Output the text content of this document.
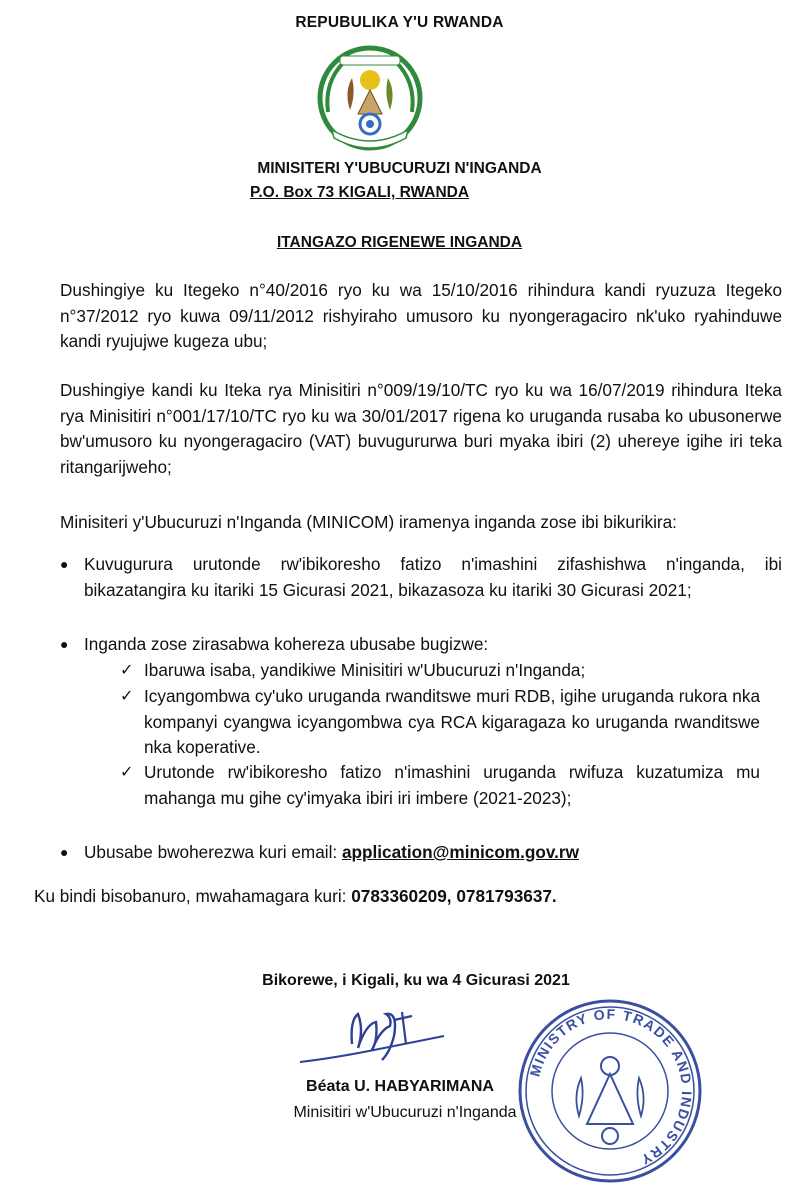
REPUBULIKA Y'U RWANDA
MINISITERI Y'UBUCURUZI N'INGANDA
P.O. Box 73 KIGALI, RWANDA
ITANGAZO RIGENEWE INGANDA
Dushingiye ku Itegeko n°40/2016 ryo ku wa 15/10/2016 rihindura kandi ryuzuza Itegeko n°37/2012 ryo kuwa 09/11/2012 rishyiraho umusoro ku nyongeragaciro nk'uko ryahinduwe kandi ryujujwe kugeza ubu;
Dushingiye kandi ku Iteka rya Minisitiri n°009/19/10/TC ryo ku wa 16/07/2019 rihindura Iteka rya Minisitiri n°001/17/10/TC ryo ku wa 30/01/2017 rigena ko uruganda rusaba ko ubusonerwe bw'umusoro ku nyongeragaciro (VAT) buvugururwa buri myaka ibiri (2) uhereye igihe iri teka ritangarijweho;
Minisiteri y'Ubucuruzi n'Inganda (MINICOM) iramenya inganda zose ibi bikurikira:
● Kuvugurura urutonde rw'ibikoresho fatizo n'imashini zifashishwa n'inganda, ibi bikazatangira ku itariki 15 Gicurasi 2021, bikazasoza ku itariki 30 Gicurasi 2021;
● Inganda zose zirasabwa kohereza ubusabe bugizwe:
✓ Ibaruwa isaba, yandikiwe Minisitiri w'Ubucuruzi n'Inganda;
✓ Icyangombwa cy'uko uruganda rwanditswe muri RDB, igihe uruganda rukora nka kompanyi cyangwa icyangombwa cya RCA kigaragaza ko uruganda rwanditswe nka koperative.
✓ Urutonde rw'ibikoresho fatizo n'imashini uruganda rwifuza kuzatumiza mu mahanga mu gihe cy'imyaka ibiri iri imbere (2021-2023);
● Ubusabe bwoherezwa kuri email: application@minicom.gov.rw
Ku bindi bisobanuro, mwahamagara kuri: 0783360209, 0781793637.
Bikorewe, i Kigali, ku wa 4 Gicurasi 2021
Béata U. HABYARIMANA
Minisitiri w'Ubucuruzi n'Inganda
MINISTRY OF TRADE AND INDUSTRY
